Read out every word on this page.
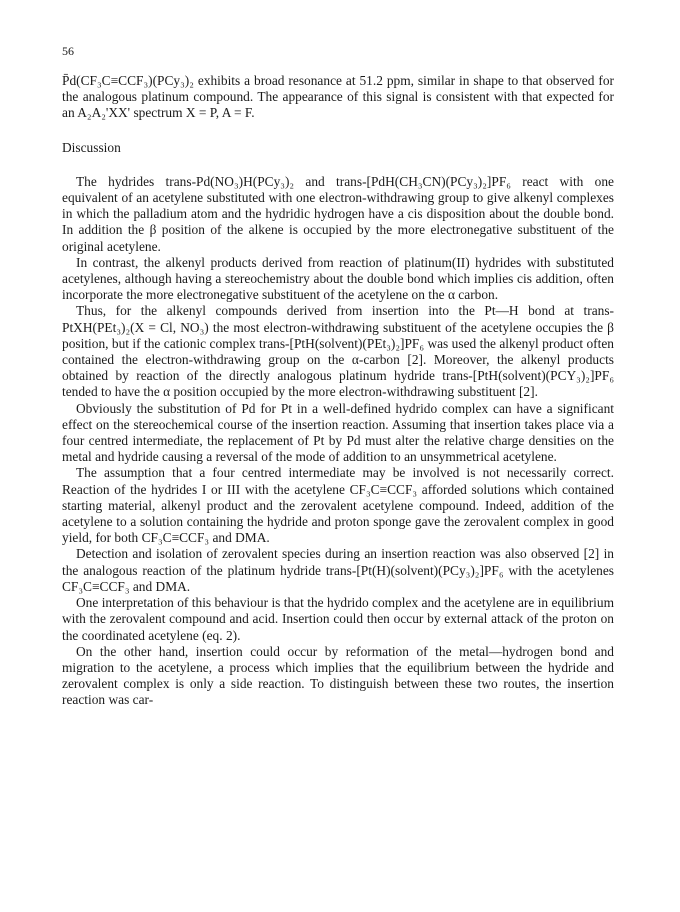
56

P̄d(CF₃C≡CCF₃)(PCy₃)₂ exhibits a broad resonance at 51.2 ppm, similar in shape to that observed for the analogous platinum compound. The appearance of this signal is consistent with that expected for an A₂A₂'XX' spectrum X = P, A = F.

Discussion

The hydrides trans-Pd(NO₃)H(PCy₃)₂ and trans-[PdH(CH₃CN)(PCy₃)₂]PF₆ react with one equivalent of an acetylene substituted with one electron-withdrawing group to give alkenyl complexes in which the palladium atom and the hydridic hydrogen have a cis disposition about the double bond. In addition the β position of the alkene is occupied by the more electronegative substituent of the original acetylene.

In contrast, the alkenyl products derived from reaction of platinum(II) hydrides with substituted acetylenes, although having a stereochemistry about the double bond which implies cis addition, often incorporate the more electronegative substituent of the acetylene on the α carbon.

Thus, for the alkenyl compounds derived from insertion into the Pt—H bond at trans-PtXH(PEt₃)₂(X = Cl, NO₃) the most electron-withdrawing substituent of the acetylene occupies the β position, but if the cationic complex trans-[PtH(solvent)(PEt₃)₂]PF₆ was used the alkenyl product often contained the electron-withdrawing group on the α-carbon [2]. Moreover, the alkenyl products obtained by reaction of the directly analogous platinum hydride trans-[PtH(solvent)(PCY₃)₂]PF₆ tended to have the α position occupied by the more electron-withdrawing substituent [2].

Obviously the substitution of Pd for Pt in a well-defined hydrido complex can have a significant effect on the stereochemical course of the insertion reaction. Assuming that insertion takes place via a four centred intermediate, the replacement of Pt by Pd must alter the relative charge densities on the metal and hydride causing a reversal of the mode of addition to an unsymmetrical acetylene.

The assumption that a four centred intermediate may be involved is not necessarily correct. Reaction of the hydrides I or III with the acetylene CF₃C≡CCF₃ afforded solutions which contained starting material, alkenyl product and the zerovalent acetylene compound. Indeed, addition of the acetylene to a solution containing the hydride and proton sponge gave the zerovalent complex in good yield, for both CF₃C≡CCF₃ and DMA.

Detection and isolation of zerovalent species during an insertion reaction was also observed [2] in the analogous reaction of the platinum hydride trans-[Pt(H)(solvent)(PCy₃)₂]PF₆ with the acetylenes CF₃C≡CCF₃ and DMA.

One interpretation of this behaviour is that the hydrido complex and the acetylene are in equilibrium with the zerovalent compound and acid. Insertion could then occur by external attack of the proton on the coordinated acetylene (eq. 2).

On the other hand, insertion could occur by reformation of the metal—hydrogen bond and migration to the acetylene, a process which implies that the equilibrium between the hydride and zerovalent complex is only a side reaction. To distinguish between these two routes, the insertion reaction was car-
